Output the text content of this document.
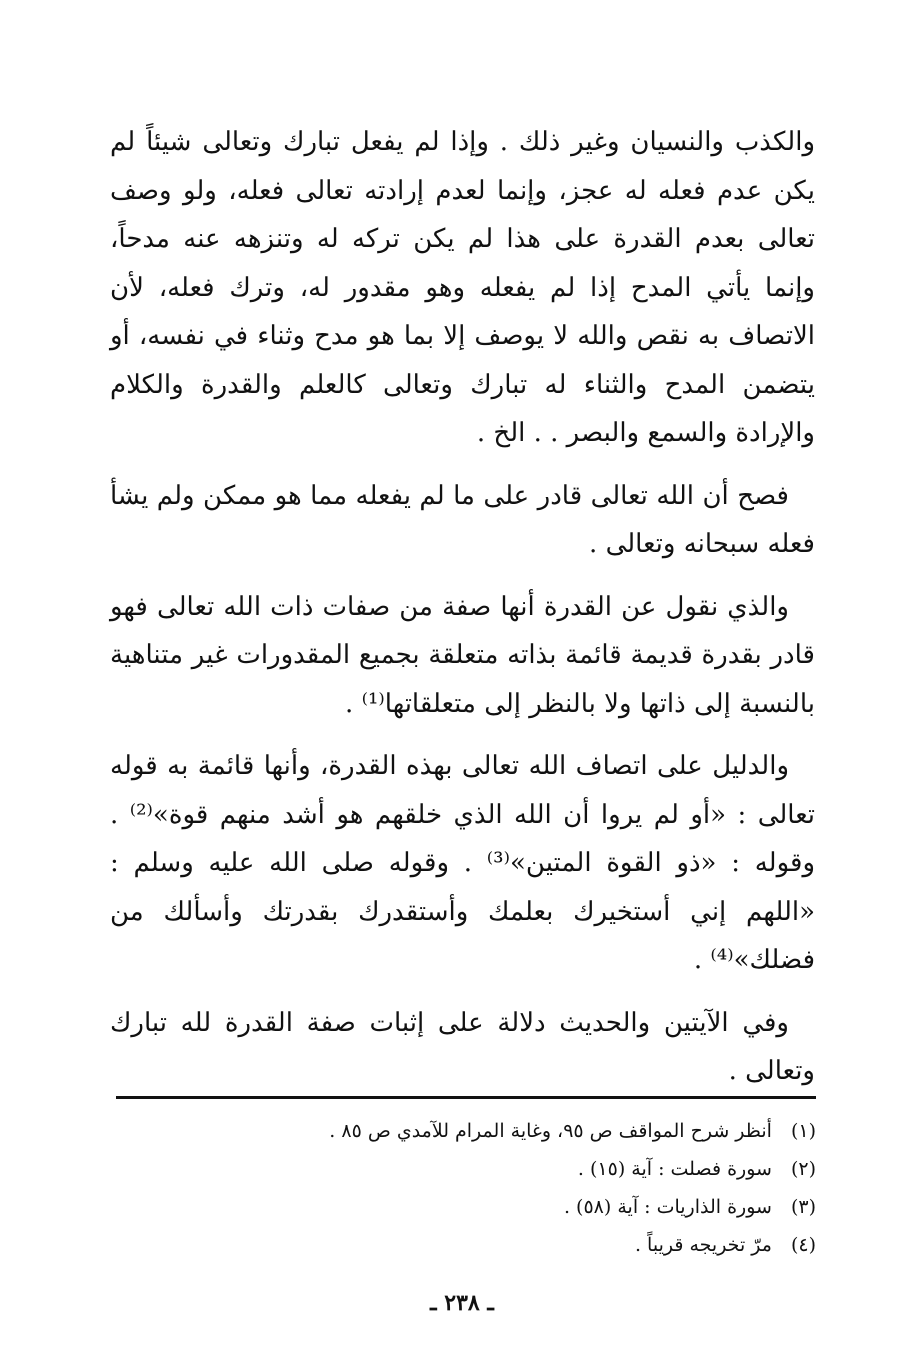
والكذب والنسيان وغير ذلك . وإذا لم يفعل تبارك وتعالى شيئاً لم يكن عدم فعله له عجز، وإنما لعدم إرادته تعالى فعله، ولو وصف تعالى بعدم القدرة على هذا لم يكن تركه له وتنزهه عنه مدحاً، وإنما يأتي المدح إذا لم يفعله وهو مقدور له، وترك فعله، لأن الاتصاف به نقص والله لا يوصف إلا بما هو مدح وثناء في نفسه، أو يتضمن المدح والثناء له تبارك وتعالى كالعلم والقدرة والكلام والإرادة والسمع والبصر . . الخ .

فصح أن الله تعالى قادر على ما لم يفعله مما هو ممكن ولم يشأ فعله سبحانه وتعالى .

والذي نقول عن القدرة أنها صفة من صفات ذات الله تعالى فهو قادر بقدرة قديمة قائمة بذاته متعلقة بجميع المقدورات غير متناهية بالنسبة إلى ذاتها ولا بالنظر إلى متعلقاتها⁽¹⁾ .

والدليل على اتصاف الله تعالى بهذه القدرة، وأنها قائمة به قوله تعالى : «أو لم يروا أن الله الذي خلقهم هو أشد منهم قوة»⁽²⁾ . وقوله : «ذو القوة المتين»⁽³⁾ . وقوله صلى الله عليه وسلم : «اللهم إني أستخيرك بعلمك وأستقدرك بقدرتك وأسألك من فضلك»⁽⁴⁾ .

وفي الآيتين والحديث دلالة على إثبات صفة القدرة لله تبارك وتعالى .

(١) أنظر شرح المواقف ص ٩٥، وغاية المرام للآمدي ص ٨٥ .

(٢) سورة فصلت : آية (١٥) .

(٣) سورة الذاريات : آية (٥٨) .

(٤) مرّ تخريجه قريباً .

ـ ٢٣٨ ـ
